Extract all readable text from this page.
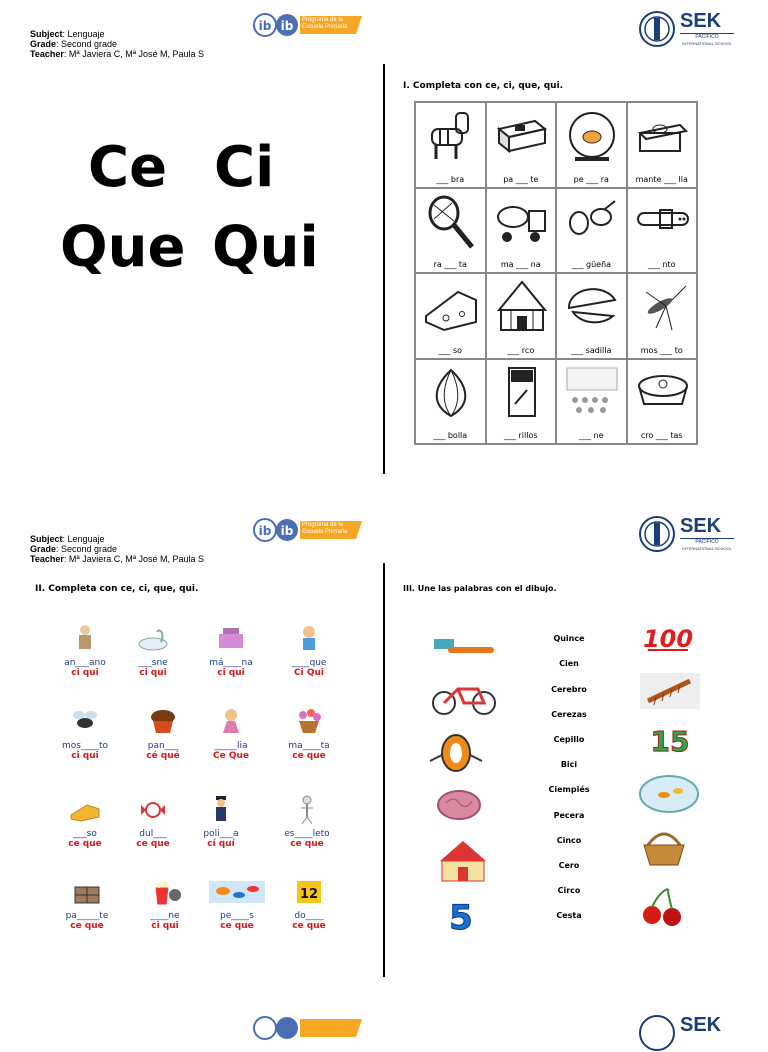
Subject: Lenguaje
Grade: Second grade
Teacher: Mª Javiera C, Mª José M, Paula S
ib ib Programa de la Escuela Primaria	SEK
PACÍFICO
INTERNATIONAL SCHOOL
Ce Ci
Que Qui
I. Completa con ce, ci, que, qui.
___ bra	pa ___ te	pe ___ ra	mante ___ lla
ra ___ ta	ma ___ na	___ güeña	___ nto
___ so	___ rco	___ sadilla	mos ___ to
___ bolla	___ rillos	___ ne	cro ___ tas
Subject: Lenguaje
Grade: Second grade
Teacher: Mª Javiera C, Mª José M, Paula S
ib ib Programa de la Escuela Primaria	SEK
PACÍFICO
INTERNATIONAL SCHOOL
II. Completa con ce, ci, que, qui.	III. Une las palabras con el dibujo.
an___ano
ci qui
___sne
ci qui
má____na
ci qui
____que
Ci Qui
mos____to
ci qui
pan___
cé qué
_____lia
Ce Que
ma____ta
ce que
___so
ce que
dul___
ce que
poli___a
cí quí
es____leto
ce que
pa_____te
ce que
____ne
ci qui
pe____s
ce que
12
do____
ce que	5
Quince
Cien
Cerebro
Cerezas
Cepillo
Bici
Ciempiés
Pecera
Cinco
Cero
Circo
Cesta
100
15
SEK
